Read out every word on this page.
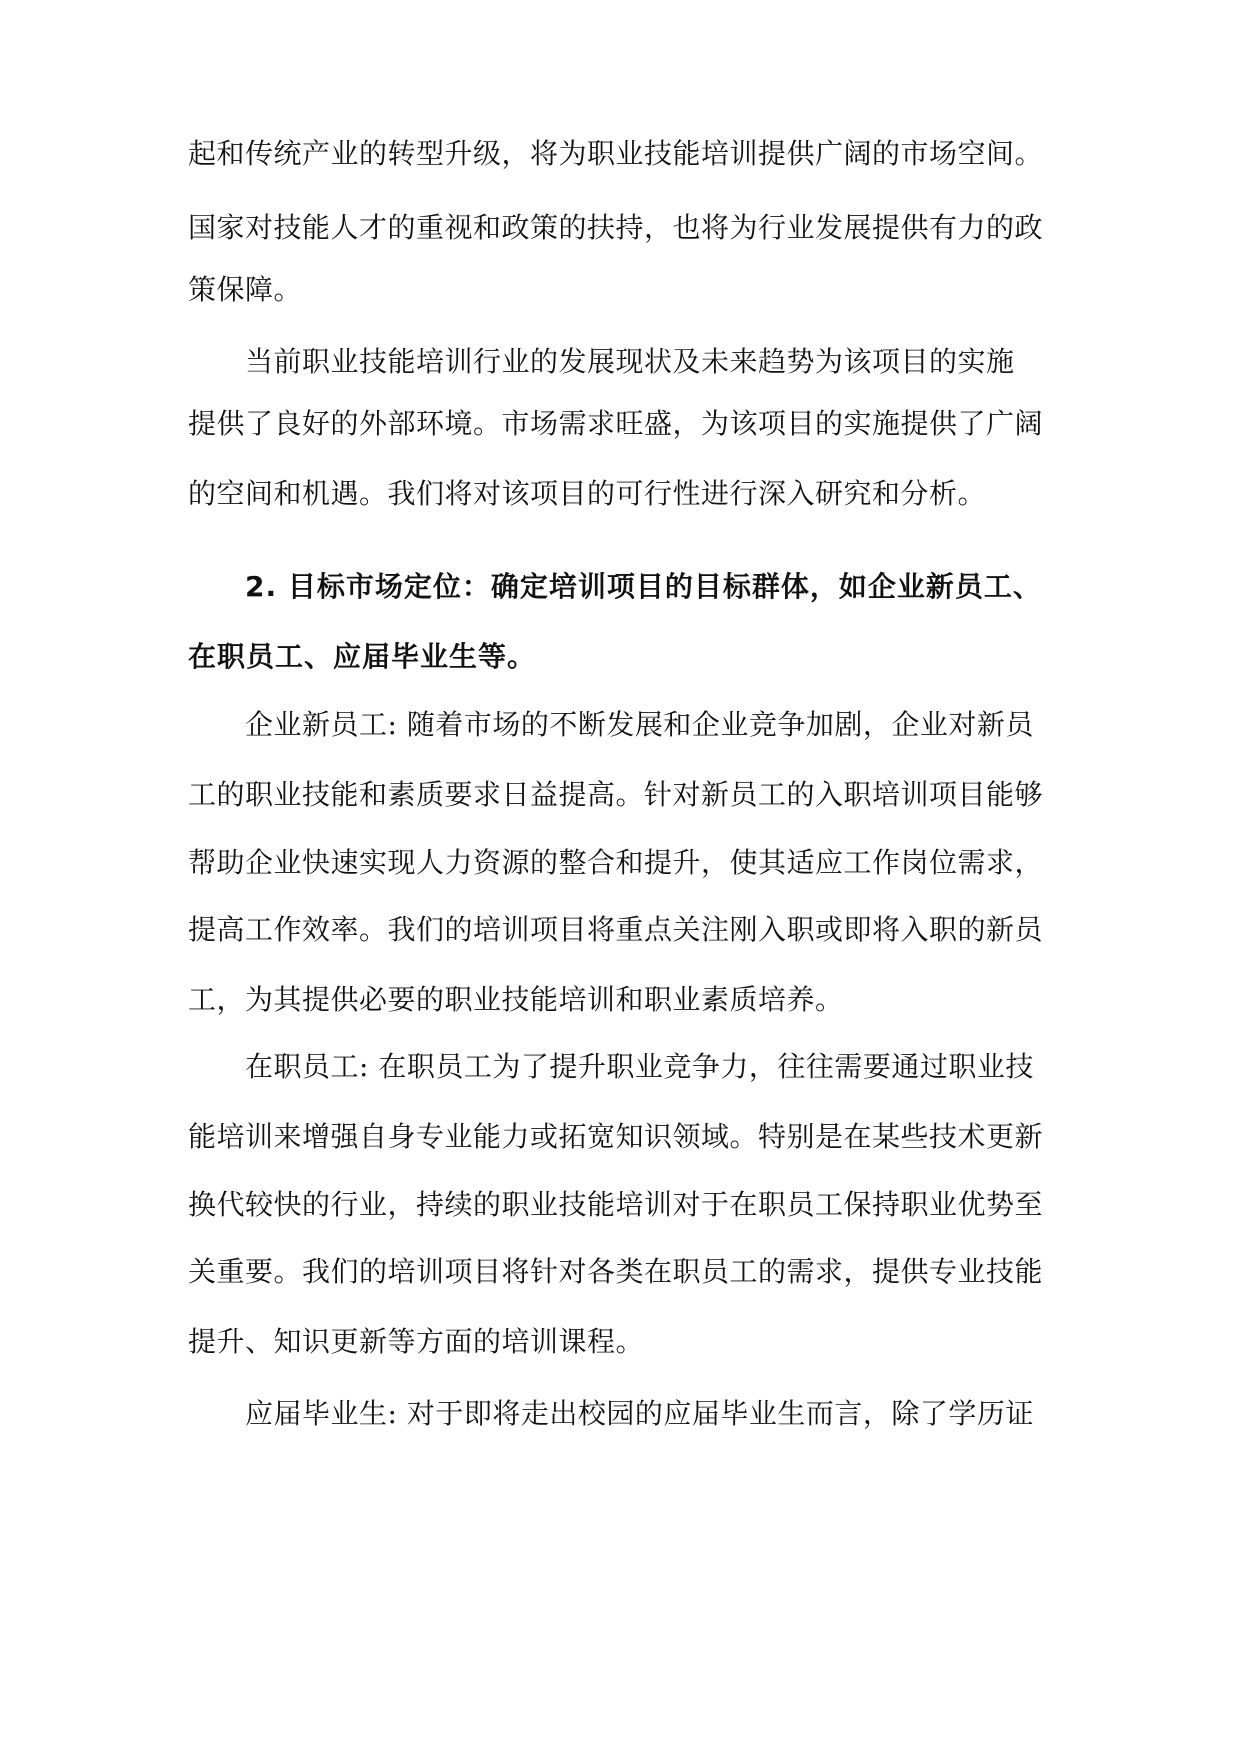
起和传统产业的转型升级，将为职业技能培训提供广阔的市场空间。
国家对技能人才的重视和政策的扶持，也将为行业发展提供有力的政
策保障。
当前职业技能培训行业的发展现状及未来趋势为该项目的实施
提供了良好的外部环境。市场需求旺盛，为该项目的实施提供了广阔
的空间和机遇。我们将对该项目的可行性进行深入研究和分析。
2. 目标市场定位：确定培训项目的目标群体，如企业新员工、
在职员工、应届毕业生等。
企业新员工: 随着市场的不断发展和企业竞争加剧，企业对新员
工的职业技能和素质要求日益提高。针对新员工的入职培训项目能够
帮助企业快速实现人力资源的整合和提升，使其适应工作岗位需求，
提高工作效率。我们的培训项目将重点关注刚入职或即将入职的新员
工，为其提供必要的职业技能培训和职业素质培养。
在职员工: 在职员工为了提升职业竞争力，往往需要通过职业技
能培训来增强自身专业能力或拓宽知识领域。特别是在某些技术更新
换代较快的行业，持续的职业技能培训对于在职员工保持职业优势至
关重要。我们的培训项目将针对各类在职员工的需求，提供专业技能
提升、知识更新等方面的培训课程。
应届毕业生: 对于即将走出校园的应届毕业生而言，除了学历证
